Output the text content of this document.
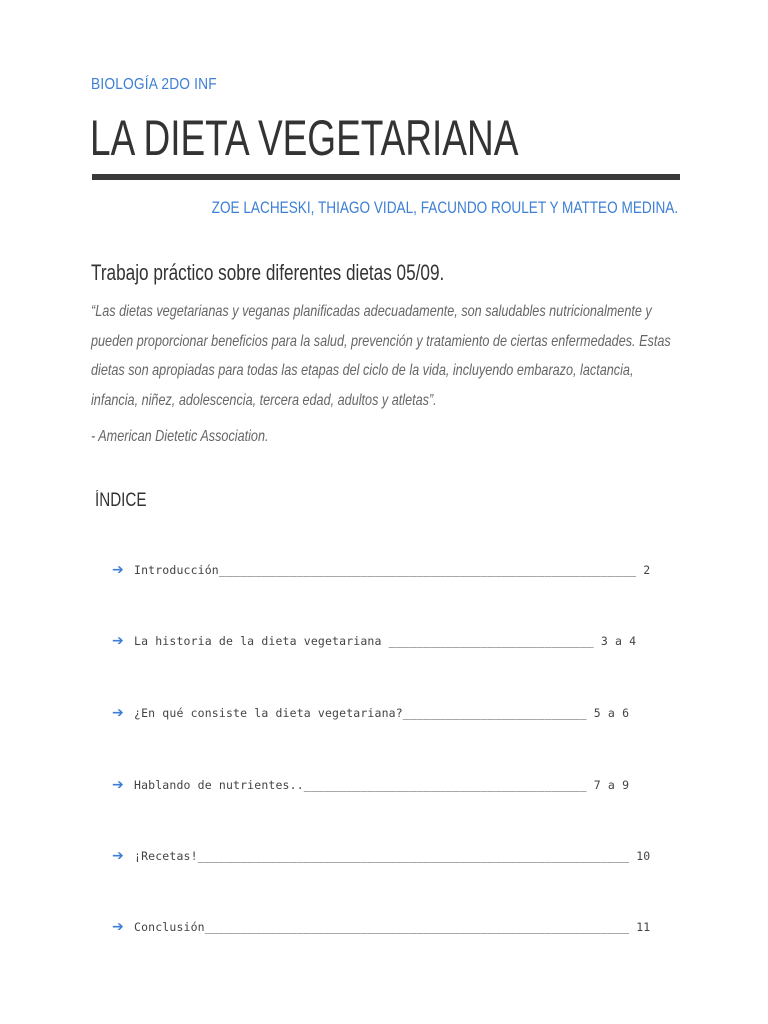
BIOLOGÍA 2DO INF
LA DIETA VEGETARIANA
ZOE LACHESKI, THIAGO VIDAL, FACUNDO ROULET Y MATTEO MEDINA.
Trabajo práctico sobre diferentes dietas 05/09.
“Las dietas vegetarianas y veganas planificadas adecuadamente, son saludables nutricionalmente y
pueden proporcionar beneficios para la salud, prevención y tratamiento de ciertas enfermedades. Estas
dietas son apropiadas para todas las etapas del ciclo de la vida, incluyendo embarazo, lactancia,
infancia, niñez, adolescencia, tercera edad, adultos y atletas”.
- American Dietetic Association.
ÍNDICE
➔ Introducción___________________________________________________________ 2
➔ La historia de la dieta vegetariana _____________________________ 3 a 4
➔ ¿En qué consiste la dieta vegetariana?__________________________ 5 a 6
➔ Hablando de nutrientes..________________________________________ 7 a 9
➔ ¡Recetas!_____________________________________________________________ 10
➔ Conclusión____________________________________________________________ 11
